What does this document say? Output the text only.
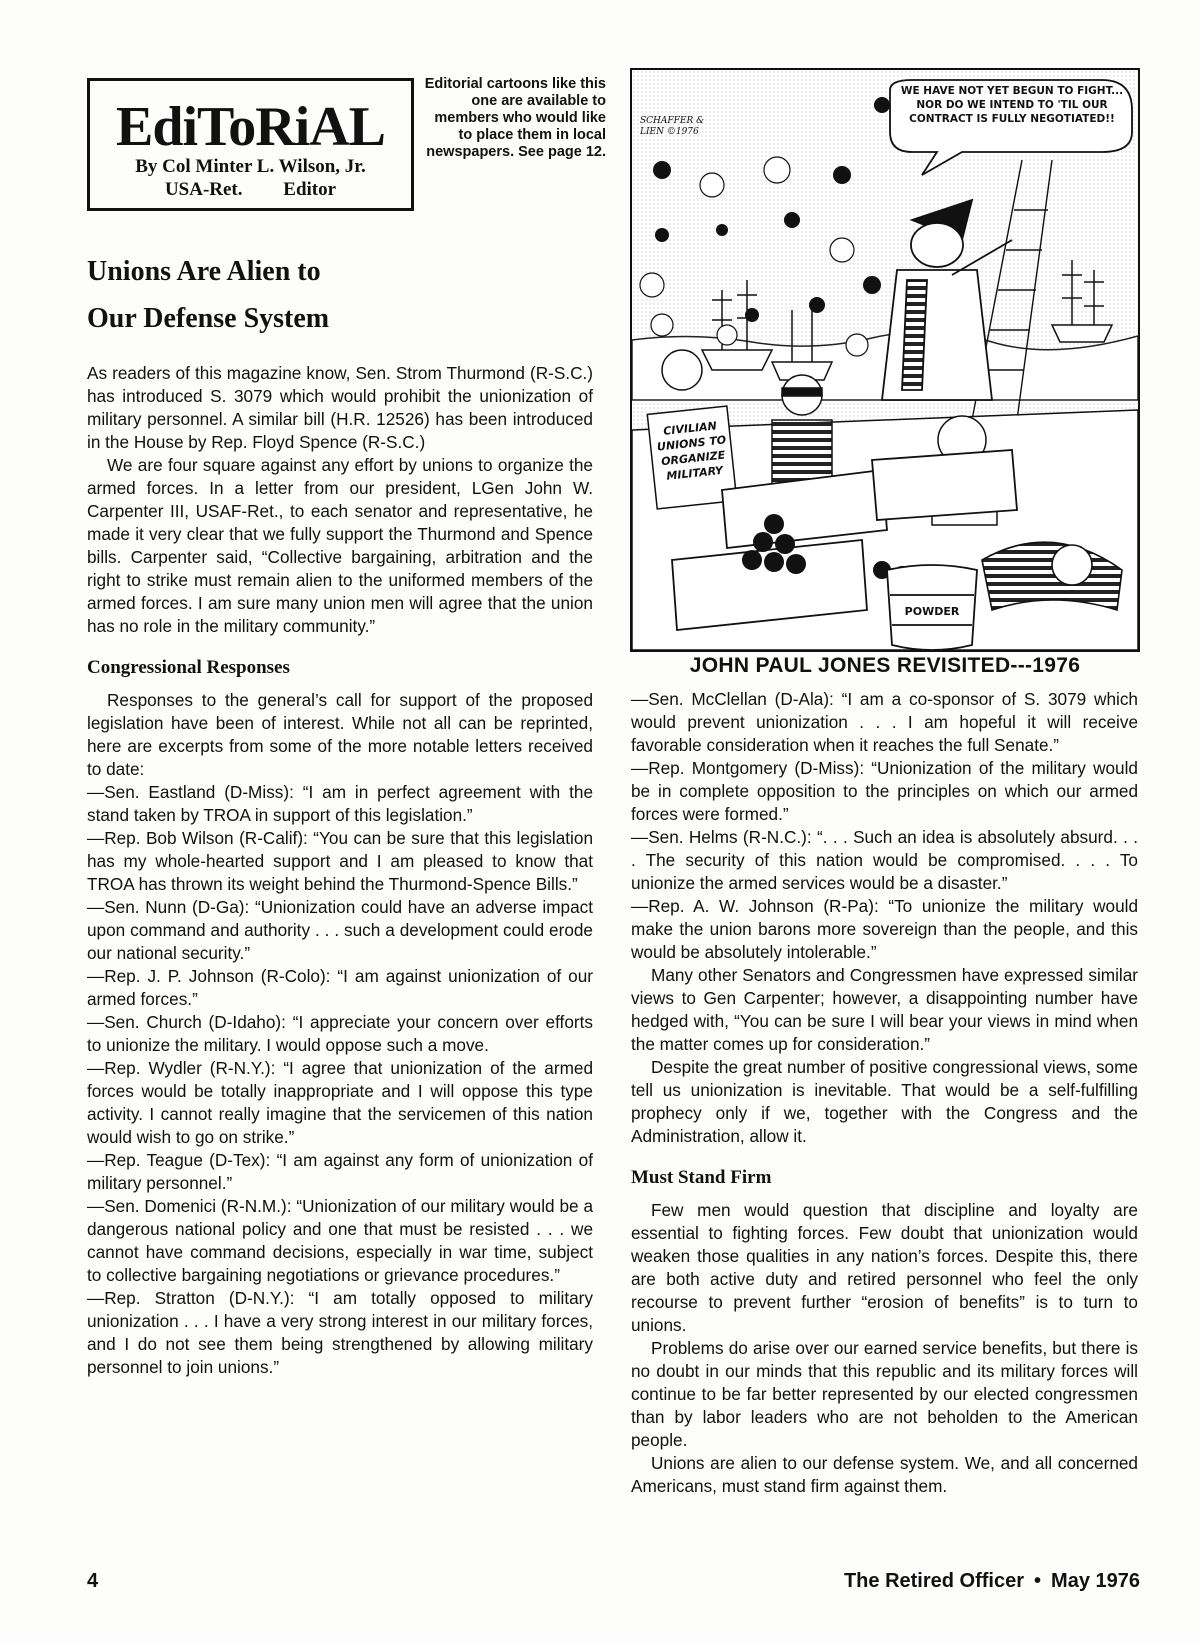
EdiToRiAL
By Col Minter L. Wilson, Jr.
USA-Ret. Editor
Editorial cartoons like this one are available to members who would like to place them in local newspapers. See page 12.
Unions Are Alien to
Our Defense System

As readers of this magazine know, Sen. Strom Thurmond (R-S.C.) has introduced S. 3079 which would prohibit the unionization of military personnel. A similar bill (H.R. 12526) has been introduced in the House by Rep. Floyd Spence (R-S.C.)

We are four square against any effort by unions to organize the armed forces. In a letter from our president, LGen John W. Carpenter III, USAF-Ret., to each senator and representative, he made it very clear that we fully support the Thurmond and Spence bills. Carpenter said, “Collective bargaining, arbitration and the right to strike must remain alien to the uniformed members of the armed forces. I am sure many union men will agree that the union has no role in the military community.”

Congressional Responses

Responses to the general’s call for support of the proposed legislation have been of interest. While not all can be reprinted, here are excerpts from some of the more notable letters received to date:

—Sen. Eastland (D-Miss): “I am in perfect agreement with the stand taken by TROA in support of this legislation.”

—Rep. Bob Wilson (R-Calif): “You can be sure that this legislation has my whole-hearted support and I am pleased to know that TROA has thrown its weight behind the Thurmond-Spence Bills.”

—Sen. Nunn (D-Ga): “Unionization could have an adverse impact upon command and authority . . . such a development could erode our national security.”

—Rep. J. P. Johnson (R-Colo): “I am against unionization of our armed forces.”

—Sen. Church (D-Idaho): “I appreciate your concern over efforts to unionize the military. I would oppose such a move.

—Rep. Wydler (R-N.Y.): “I agree that unionization of the armed forces would be totally inappropriate and I will oppose this type activity. I cannot really imagine that the servicemen of this nation would wish to go on strike.”

—Rep. Teague (D-Tex): “I am against any form of unionization of military personnel.”

—Sen. Domenici (R-N.M.): “Unionization of our military would be a dangerous national policy and one that must be resisted . . . we cannot have command decisions, especially in war time, subject to collective bargaining negotiations or grievance procedures.”

—Rep. Stratton (D-N.Y.): “I am totally opposed to military unionization . . . I have a very strong interest in our military forces, and I do not see them being strengthened by allowing military personnel to join unions.”

WE HAVE NOT YET BEGUN TO FIGHT... NOR DO WE INTEND TO 'TIL OUR CONTRACT IS FULLY NEGOTIATED!!
CIVILIAN UNIONS TO ORGANIZE MILITARY
POWDER
SCHAFFER & LIEN ©1976
JOHN PAUL JONES REVISITED---1976

—Sen. McClellan (D-Ala): “I am a co-sponsor of S. 3079 which would prevent unionization . . . I am hopeful it will receive favorable consideration when it reaches the full Senate.”

—Rep. Montgomery (D-Miss): “Unionization of the military would be in complete opposition to the principles on which our armed forces were formed.”

—Sen. Helms (R-N.C.): “. . . Such an idea is absolutely absurd. . . . The security of this nation would be compromised. . . . To unionize the armed services would be a disaster.”

—Rep. A. W. Johnson (R-Pa): “To unionize the military would make the union barons more sovereign than the people, and this would be absolutely intolerable.”

Many other Senators and Congressmen have expressed similar views to Gen Carpenter; however, a disappointing number have hedged with, “You can be sure I will bear your views in mind when the matter comes up for consideration.”

Despite the great number of positive congressional views, some tell us unionization is inevitable. That would be a self-fulfilling prophecy only if we, together with the Congress and the Administration, allow it.

Must Stand Firm

Few men would question that discipline and loyalty are essential to fighting forces. Few doubt that unionization would weaken those qualities in any nation’s forces. Despite this, there are both active duty and retired personnel who feel the only recourse to prevent further “erosion of benefits” is to turn to unions.

Problems do arise over our earned service benefits, but there is no doubt in our minds that this republic and its military forces will continue to be far better represented by our elected congressmen than by labor leaders who are not beholden to the American people.

Unions are alien to our defense system. We, and all concerned Americans, must stand firm against them.

4	The Retired Officer • May 1976
